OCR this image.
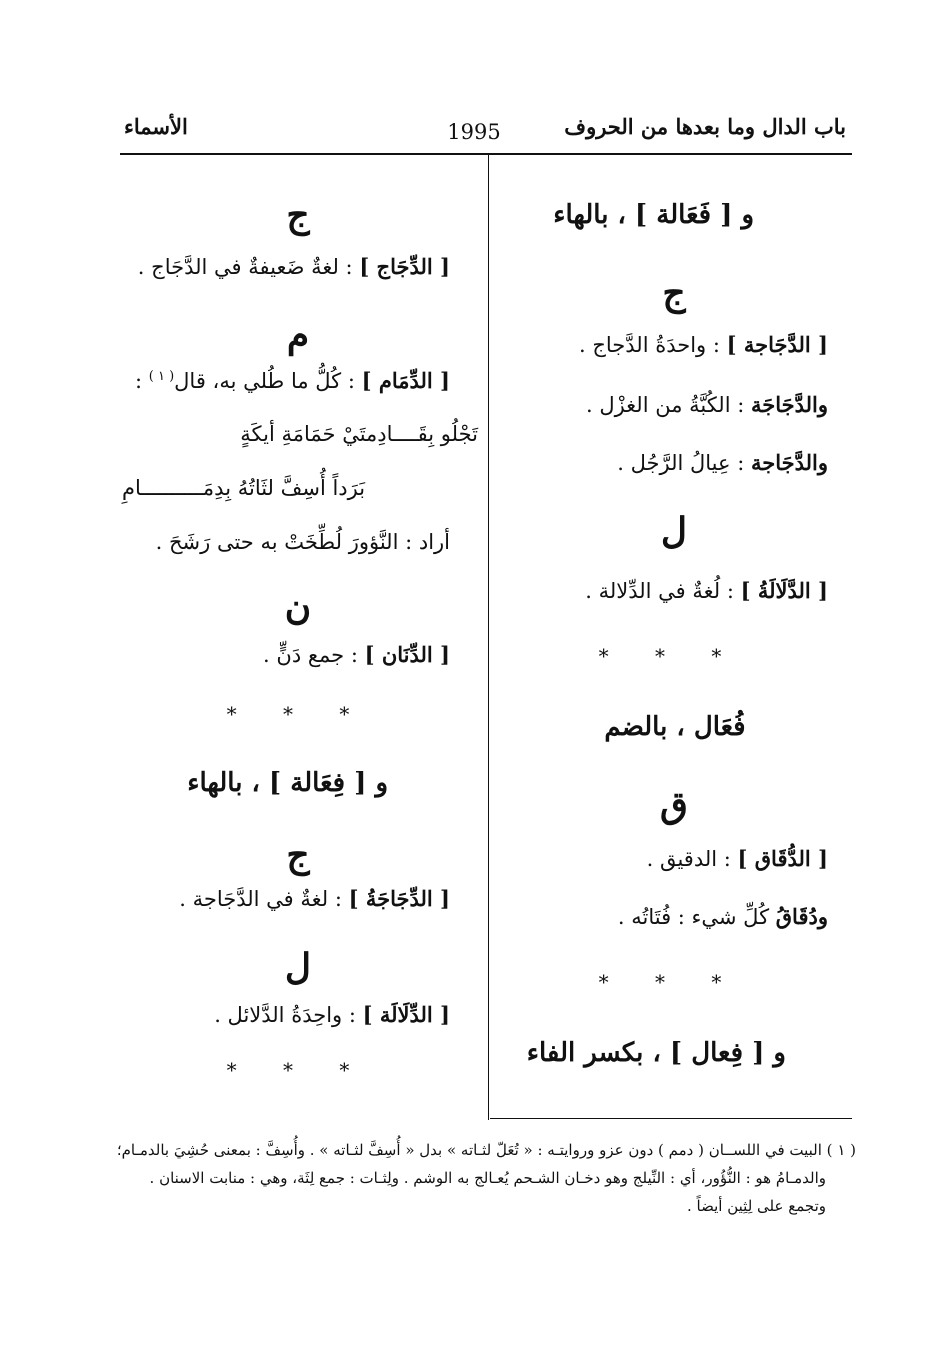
باب الدال وما بعدها من الحروف
1995
الأسماء
و [ فَعَالة ] ، بالهاء
ج
[ الدَّجَاجة ] : واحدَةُ الدَّجاج .
والدَّجَاجَة : الكُبَّةُ من الغزْل .
والدَّجَاجة : عِيالُ الرَّجُل .
ل
[ الدَّلَالَةُ ] : لُغةٌ في الدِّلالة .
* * *
فُعَال ، بالضم
ق
[ الدُّقَاق ] : الدقيق .
ودُقَاقُ كُلِّ شيء : فُتَاتُه .
* * *
و [ فِعال ] ، بكسر الفاء
ج
[ الدِّجَاج ] : لغةٌ ضَعيفةٌ في الدَّجَاج .
م
[ الدِّمَام ] : كُلُّ ما طُلي به، قال$^{( ١ )}$ :
تَجْلُو بِقَــــادِمتَيْ حَمَامَةِ أيكَةٍ
بَرَداً أُسِفَّ لثَاتُهُ بِدِمَــــــــــامِ
أراد : النَّؤورَ لُطِّخَتْ به حتى رَشَحَ .
ن
[ الدِّنَان ] : جمع دَنٍّ .
* * *
و [ فِعَالة ] ، بالهاء
ج
[ الدِّجَاجَةُ ] : لغةٌ في الدَّجَاجة .
ل
[ الدِّلَالَة ] : واحِدَةُ الدَّلائل .
* * *
( ١ ) البيت في اللســان ( دمم ) دون عزو وروايتـه : « تُعَلّ لثـاته » بدل « أُسِفَّ لثـاته » . وأُسِفَّ : بمعنى حُشِيَ بالدمـام؛
والدمـامُ هو : النُّؤُور، أي : النِّيلج وهو دخـان الشـحم يُعـالج به الوشم . ولِثـات : جمع لِثَة، وهي : منابت الاسنان .
وتجمع على لِثِين أيضاً .
